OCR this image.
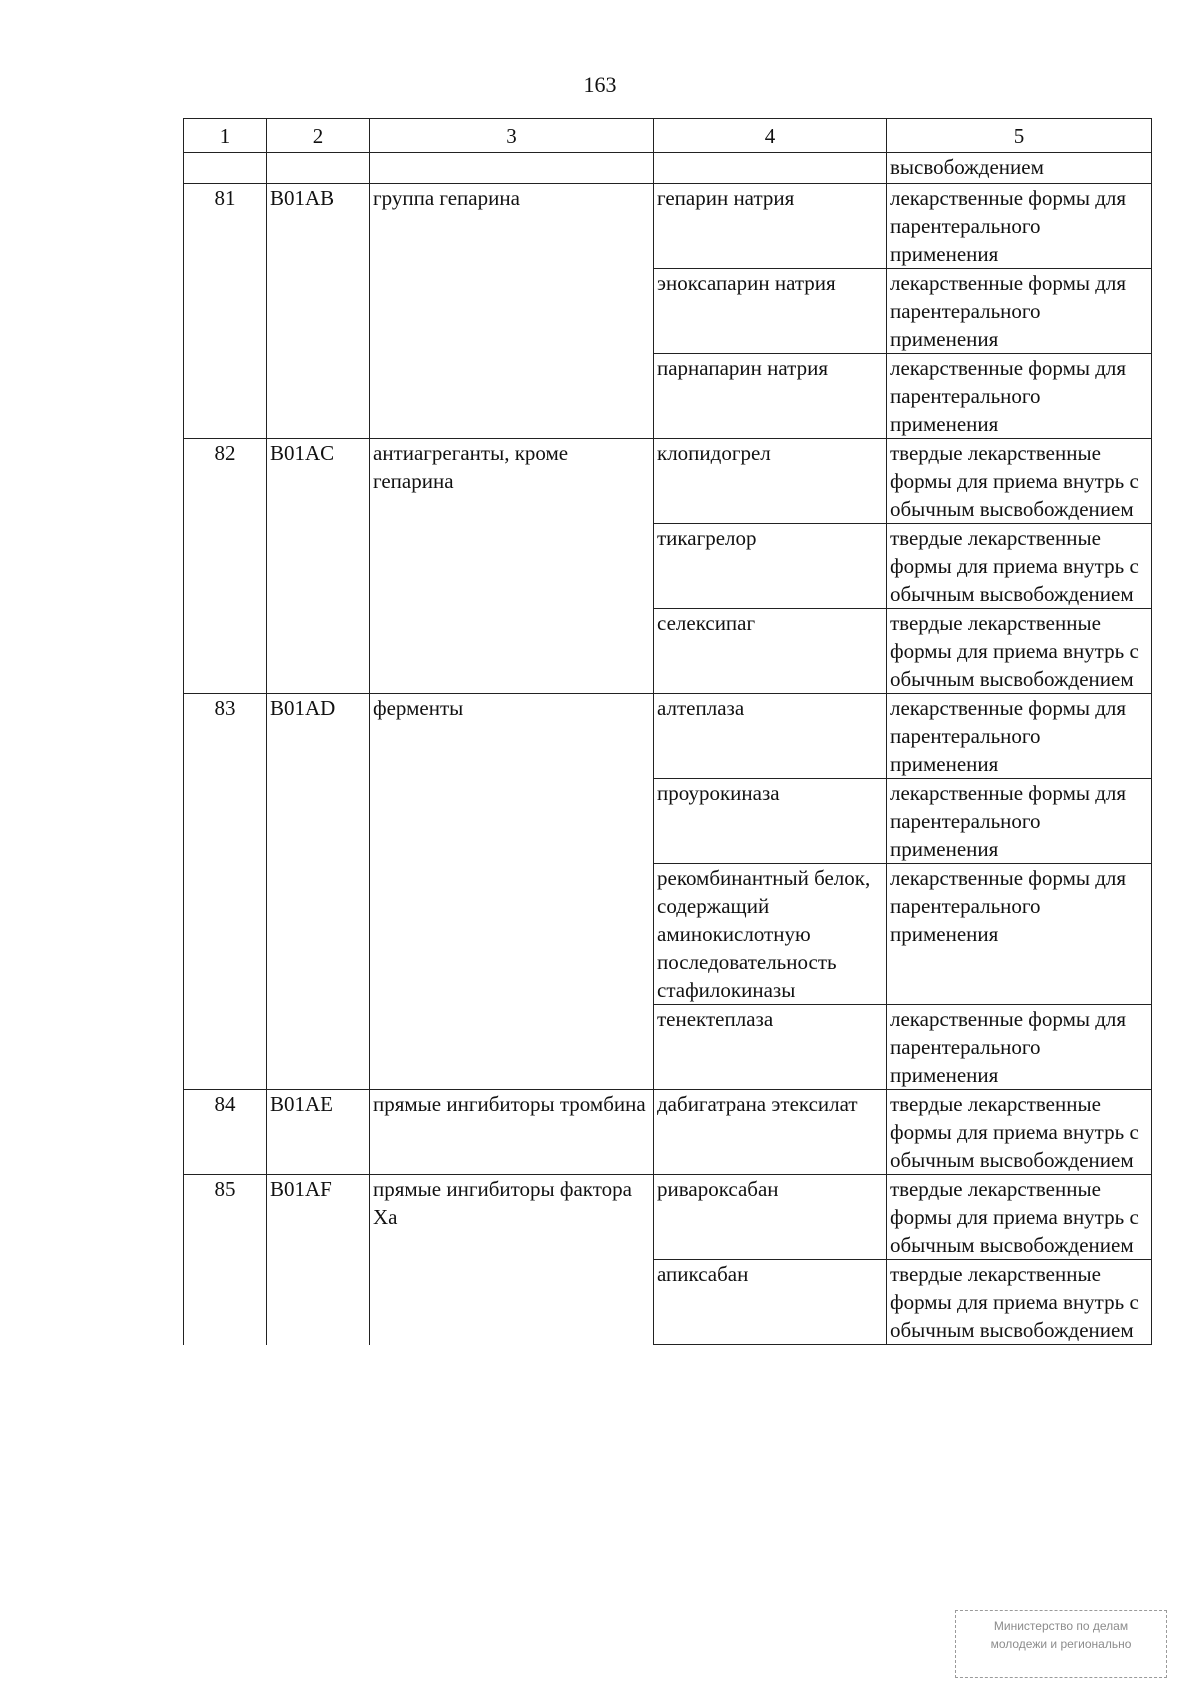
163
1	2	3	4	5
				высвобождением
81	B01AB	группа гепарина	гепарин натрия	лекарственные формы для парентерального применения
			эноксапарин натрия	лекарственные формы для парентерального применения
			парнапарин натрия	лекарственные формы для парентерального применения
82	B01AC	антиагреганты, кроме гепарина	клопидогрел	твердые лекарственные формы для приема внутрь с обычным высвобождением
			тикагрелор	твердые лекарственные формы для приема внутрь с обычным высвобождением
			селексипаг	твердые лекарственные формы для приема внутрь с обычным высвобождением
83	B01AD	ферменты	алтеплаза	лекарственные формы для парентерального применения
			проурокиназа	лекарственные формы для парентерального применения
			рекомбинантный белок, содержащий аминокислотную последовательность стафилокиназы	лекарственные формы для парентерального применения
			тенектеплаза	лекарственные формы для парентерального применения
84	B01AE	прямые ингибиторы тромбина	дабигатрана этексилат	твердые лекарственные формы для приема внутрь с обычным высвобождением
85	B01AF	прямые ингибиторы фактора Ха	ривароксабан	твердые лекарственные формы для приема внутрь с обычным высвобождением
			апиксабан	твердые лекарственные формы для приема внутрь с обычным высвобождением
Министерство по делам
молодежи и регионально
